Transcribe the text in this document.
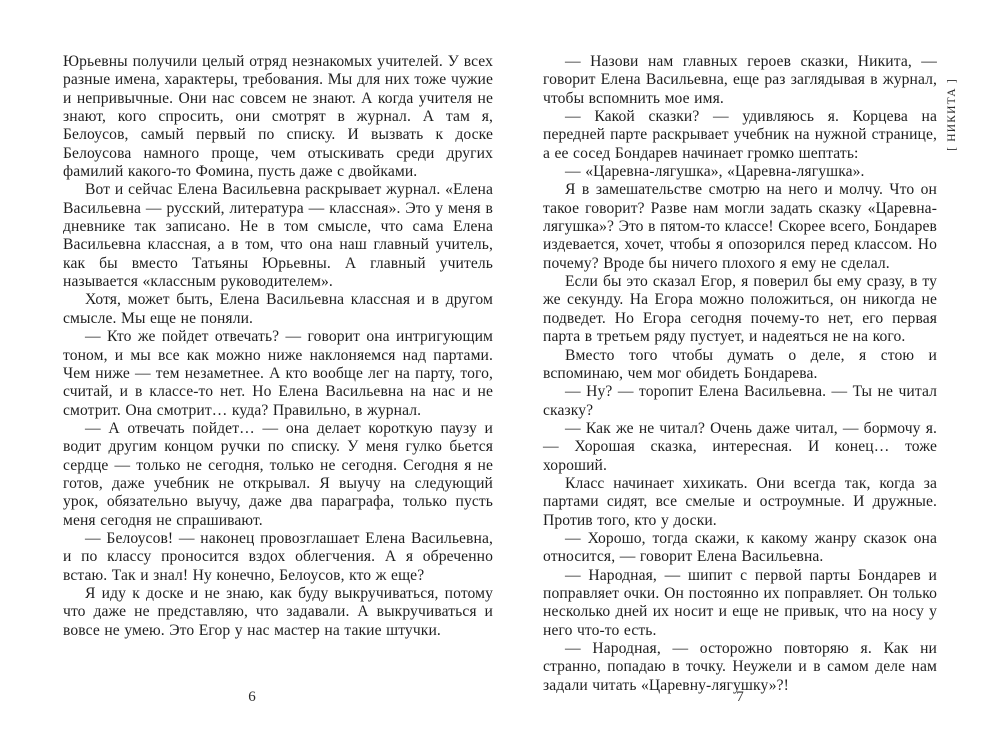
Юрьевны получили целый отряд незнакомых учителей. У всех разные имена, характеры, требования. Мы для них тоже чужие и непривычные. Они нас совсем не знают. А когда учителя не знают, кого спросить, они смотрят в журнал. А там я, Белоусов, самый первый по списку. И вызвать к доске Белоусова намного проще, чем отыскивать среди других фамилий какого-то Фомина, пусть даже с двойками.

Вот и сейчас Елена Васильевна раскрывает журнал. «Елена Васильевна — русский, литература — классная». Это у меня в дневнике так записано. Не в том смысле, что сама Елена Васильевна классная, а в том, что она наш главный учитель, как бы вместо Татьяны Юрьевны. А главный учитель называется «классным руководителем».

Хотя, может быть, Елена Васильевна классная и в другом смысле. Мы еще не поняли.

— Кто же пойдет отвечать? — говорит она интригующим тоном, и мы все как можно ниже наклоняемся над партами. Чем ниже — тем незаметнее. А кто вообще лег на парту, того, считай, и в классе-то нет. Но Елена Васильевна на нас и не смотрит. Она смотрит… куда? Правильно, в журнал.

— А отвечать пойдет… — она делает короткую паузу и водит другим концом ручки по списку. У меня гулко бьется сердце — только не сегодня, только не сегодня. Сегодня я не готов, даже учебник не открывал. Я выучу на следующий урок, обязательно выучу, даже два параграфа, только пусть меня сегодня не спрашивают.

— Белоусов! — наконец провозглашает Елена Васильевна, и по классу проносится вздох облегчения. А я обреченно встаю. Так и знал! Ну конечно, Белоусов, кто ж еще?

Я иду к доске и не знаю, как буду выкручиваться, потому что даже не представляю, что задавали. А выкручиваться и вовсе не умею. Это Егор у нас мастер на такие штучки.

6

— Назови нам главных героев сказки, Никита, — говорит Елена Васильевна, еще раз заглядывая в журнал, чтобы вспомнить мое имя.

— Какой сказки? — удивляюсь я. Корцева на передней парте раскрывает учебник на нужной странице, а ее сосед Бондарев начинает громко шептать:

— «Царевна-лягушка», «Царевна-лягушка».

Я в замешательстве смотрю на него и молчу. Что он такое говорит? Разве нам могли задать сказку «Царевна-лягушка»? Это в пятом-то классе! Скорее всего, Бондарев издевается, хочет, чтобы я опозорился перед классом. Но почему? Вроде бы ничего плохого я ему не сделал.

Если бы это сказал Егор, я поверил бы ему сразу, в ту же секунду. На Егора можно положиться, он никогда не подведет. Но Егора сегодня почему-то нет, его первая парта в третьем ряду пустует, и надеяться не на кого.

Вместо того чтобы думать о деле, я стою и вспоминаю, чем мог обидеть Бондарева.

— Ну? — торопит Елена Васильевна. — Ты не читал сказку?

— Как же не читал? Очень даже читал, — бормочу я. — Хорошая сказка, интересная. И конец… тоже хороший.

Класс начинает хихикать. Они всегда так, когда за партами сидят, все смелые и остроумные. И дружные. Против того, кто у доски.

— Хорошо, тогда скажи, к какому жанру сказок она относится, — говорит Елена Васильевна.

— Народная, — шипит с первой парты Бондарев и поправляет очки. Он постоянно их поправляет. Он только несколько дней их носит и еще не привык, что на носу у него что-то есть.

— Народная, — осторожно повторяю я. Как ни странно, попадаю в точку. Неужели и в самом деле нам задали читать «Царевну-лягушку»?!

7
[ НИКИТА ]
